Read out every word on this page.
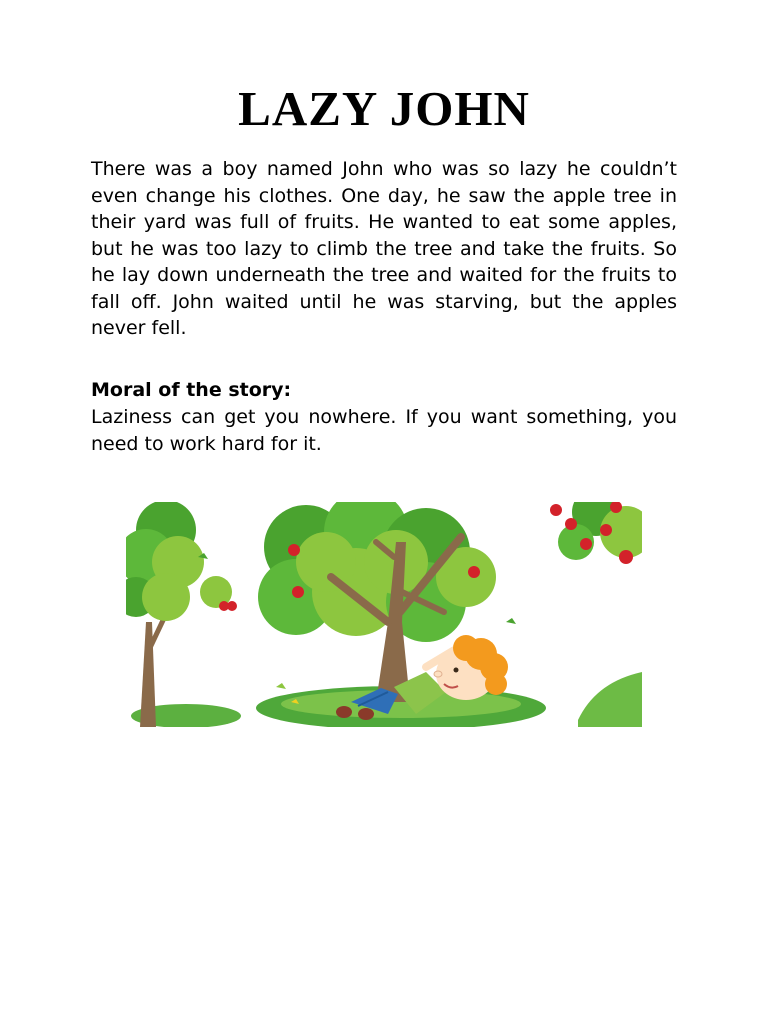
LAZY JOHN

There was a boy named John who was so lazy he couldn’t even change his clothes. One day, he saw the apple tree in their yard was full of fruits. He wanted to eat some apples, but he was too lazy to climb the tree and take the fruits. So he lay down underneath the tree and waited for the fruits to fall off. John waited until he was starving, but the apples never fell.

Moral of the story:

Laziness can get you nowhere. If you want something, you need to work hard for it.
